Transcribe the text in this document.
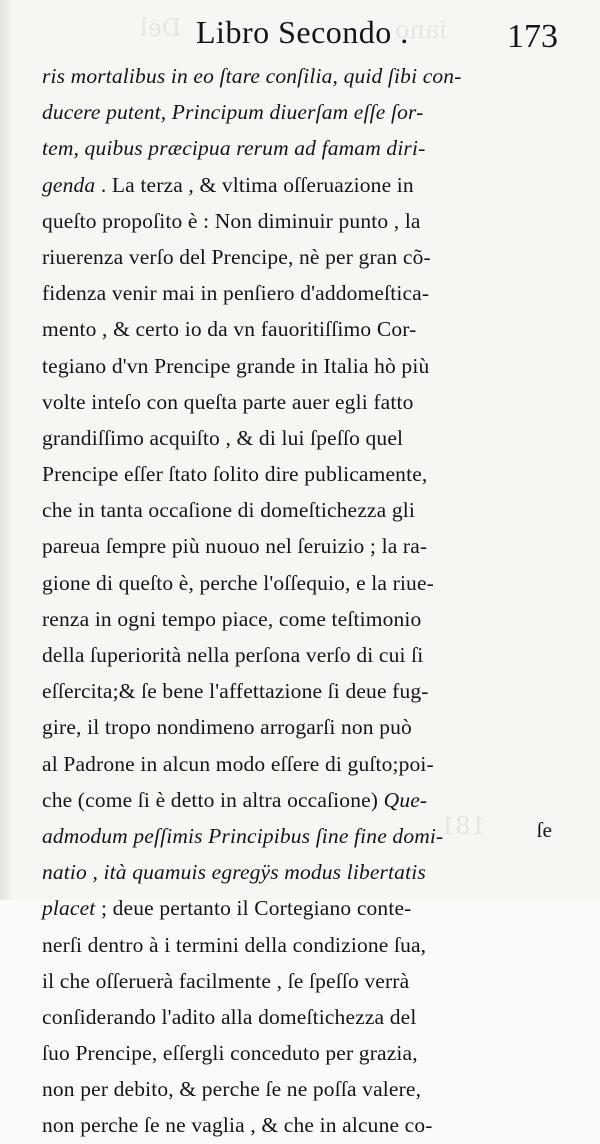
Del	iano
181
Libro Secondo .	173
ris mortalibus in eo ſtare conſilia, quid ſibi con-
ducere putent, Principum diuerſam eſſe ſor-
tem, quibus præcipua rerum ad famam diri-
genda . La terza , & vltima oſſeruazione in
queſto propoſito è : Non diminuir punto , la
riuerenza verſo del Prencipe, nè per gran cõ-
fidenza venir mai in penſiero d'addomeſtica-
mento , & certo io da vn fauoritiſſimo Cor-
tegiano d'vn Prencipe grande in Italia hò più
volte inteſo con queſta parte auer egli fatto
grandiſſimo acquiſto , & di lui ſpeſſo quel
Prencipe eſſer ſtato ſolito dire publicamente,
che in tanta occaſione di domeſtichezza gli
pareua ſempre più nuouo nel ſeruizio ; la ra-
gione di queſto è, perche l'oſſequio, e la riue-
renza in ogni tempo piace, come teſtimonio
della ſuperiorità nella perſona verſo di cui ſi
eſſercita;& ſe bene l'affettazione ſi deue fug-
gire, il tropo nondimeno arrogarſi non può
al Padrone in alcun modo eſſere di guſto;poi-
che (come ſi è detto in altra occaſione) Que-
admodum peſſimis Principibus ſine fine domi-
natio , ità quamuis egregÿs modus libertatis
placet ; deue pertanto il Cortegiano conte-
nerſi dentro à i termini della condizione ſua,
il che oſſeruerà facilmente , ſe ſpeſſo verrà
conſiderando l'adito alla domeſtichezza del
ſuo Prencipe, eſſergli conceduto per grazia,
non per debito, & perche ſe ne poſſa valere,
non perche ſe ne vaglia , & che in alcune co-
ſe
